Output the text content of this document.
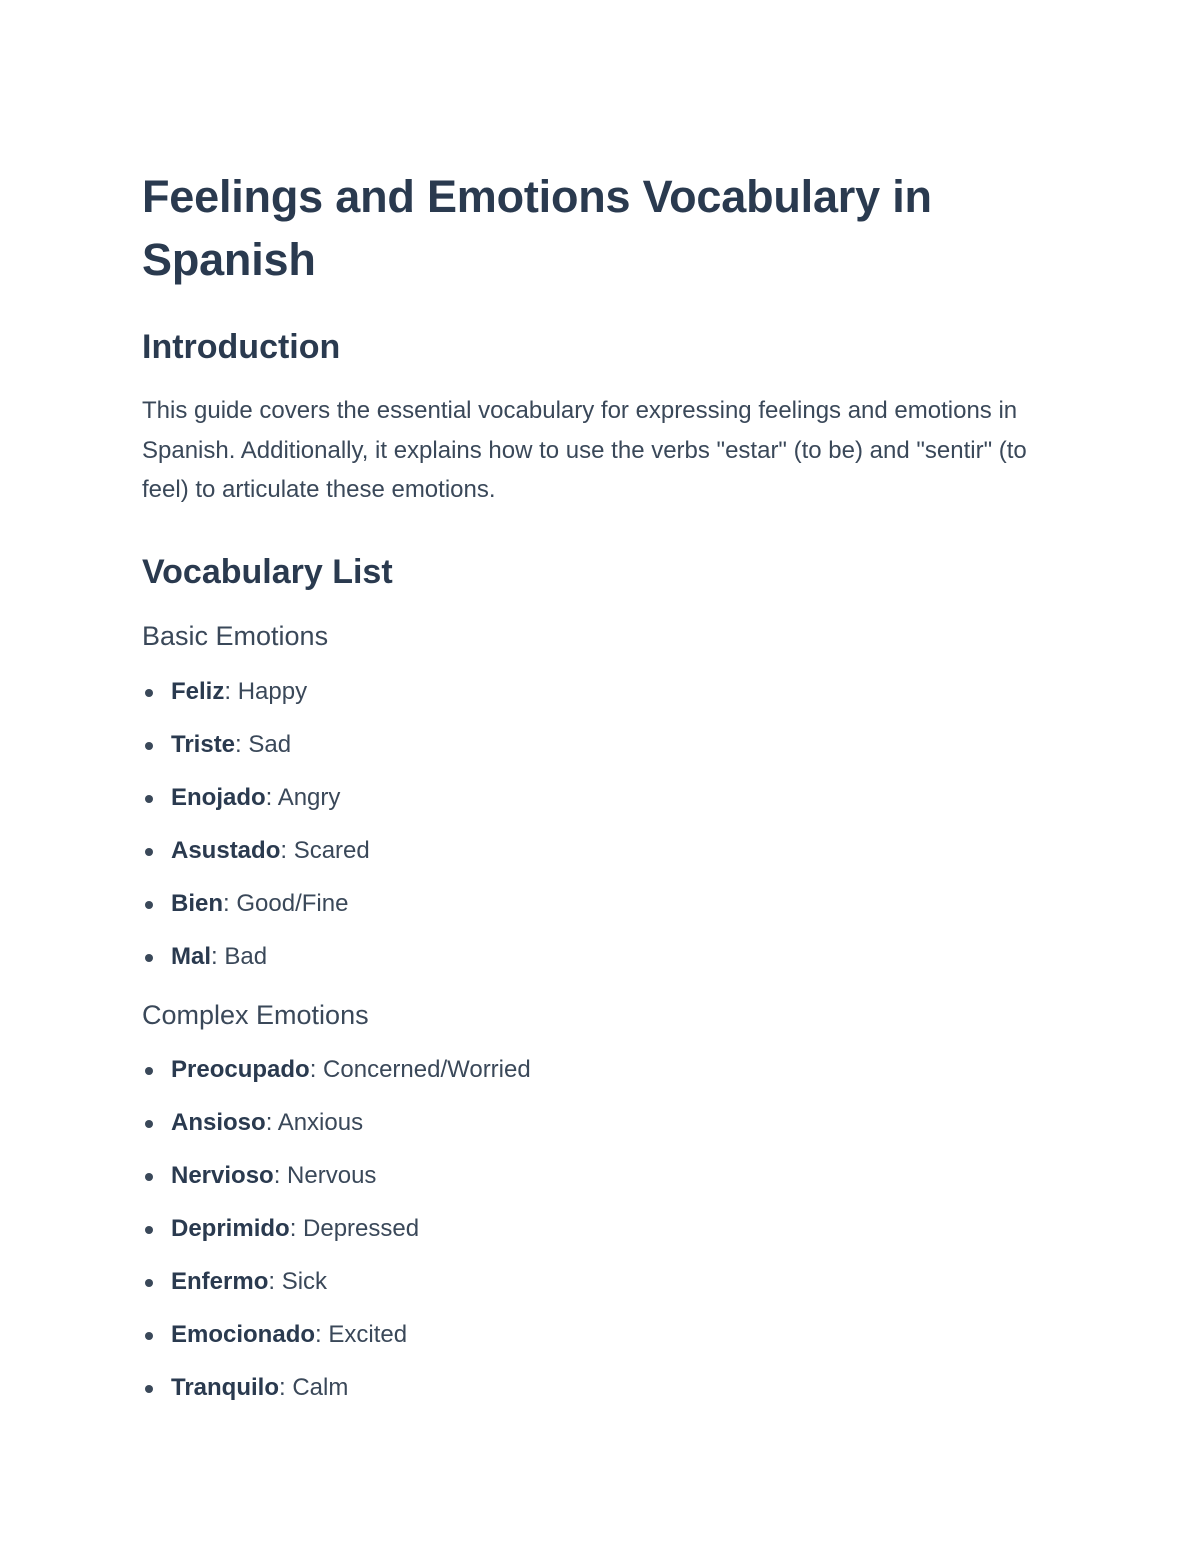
Feelings and Emotions Vocabulary in Spanish
Introduction

This guide covers the essential vocabulary for expressing feelings and emotions in Spanish. Additionally, it explains how to use the verbs "estar" (to be) and "sentir" (to feel) to articulate these emotions.

Vocabulary List
Basic Emotions
Feliz: Happy
Triste: Sad
Enojado: Angry
Asustado: Scared
Bien: Good/Fine
Mal: Bad
Complex Emotions
Preocupado: Concerned/Worried
Ansioso: Anxious
Nervioso: Nervous
Deprimido: Depressed
Enfermo: Sick
Emocionado: Excited
Tranquilo: Calm
